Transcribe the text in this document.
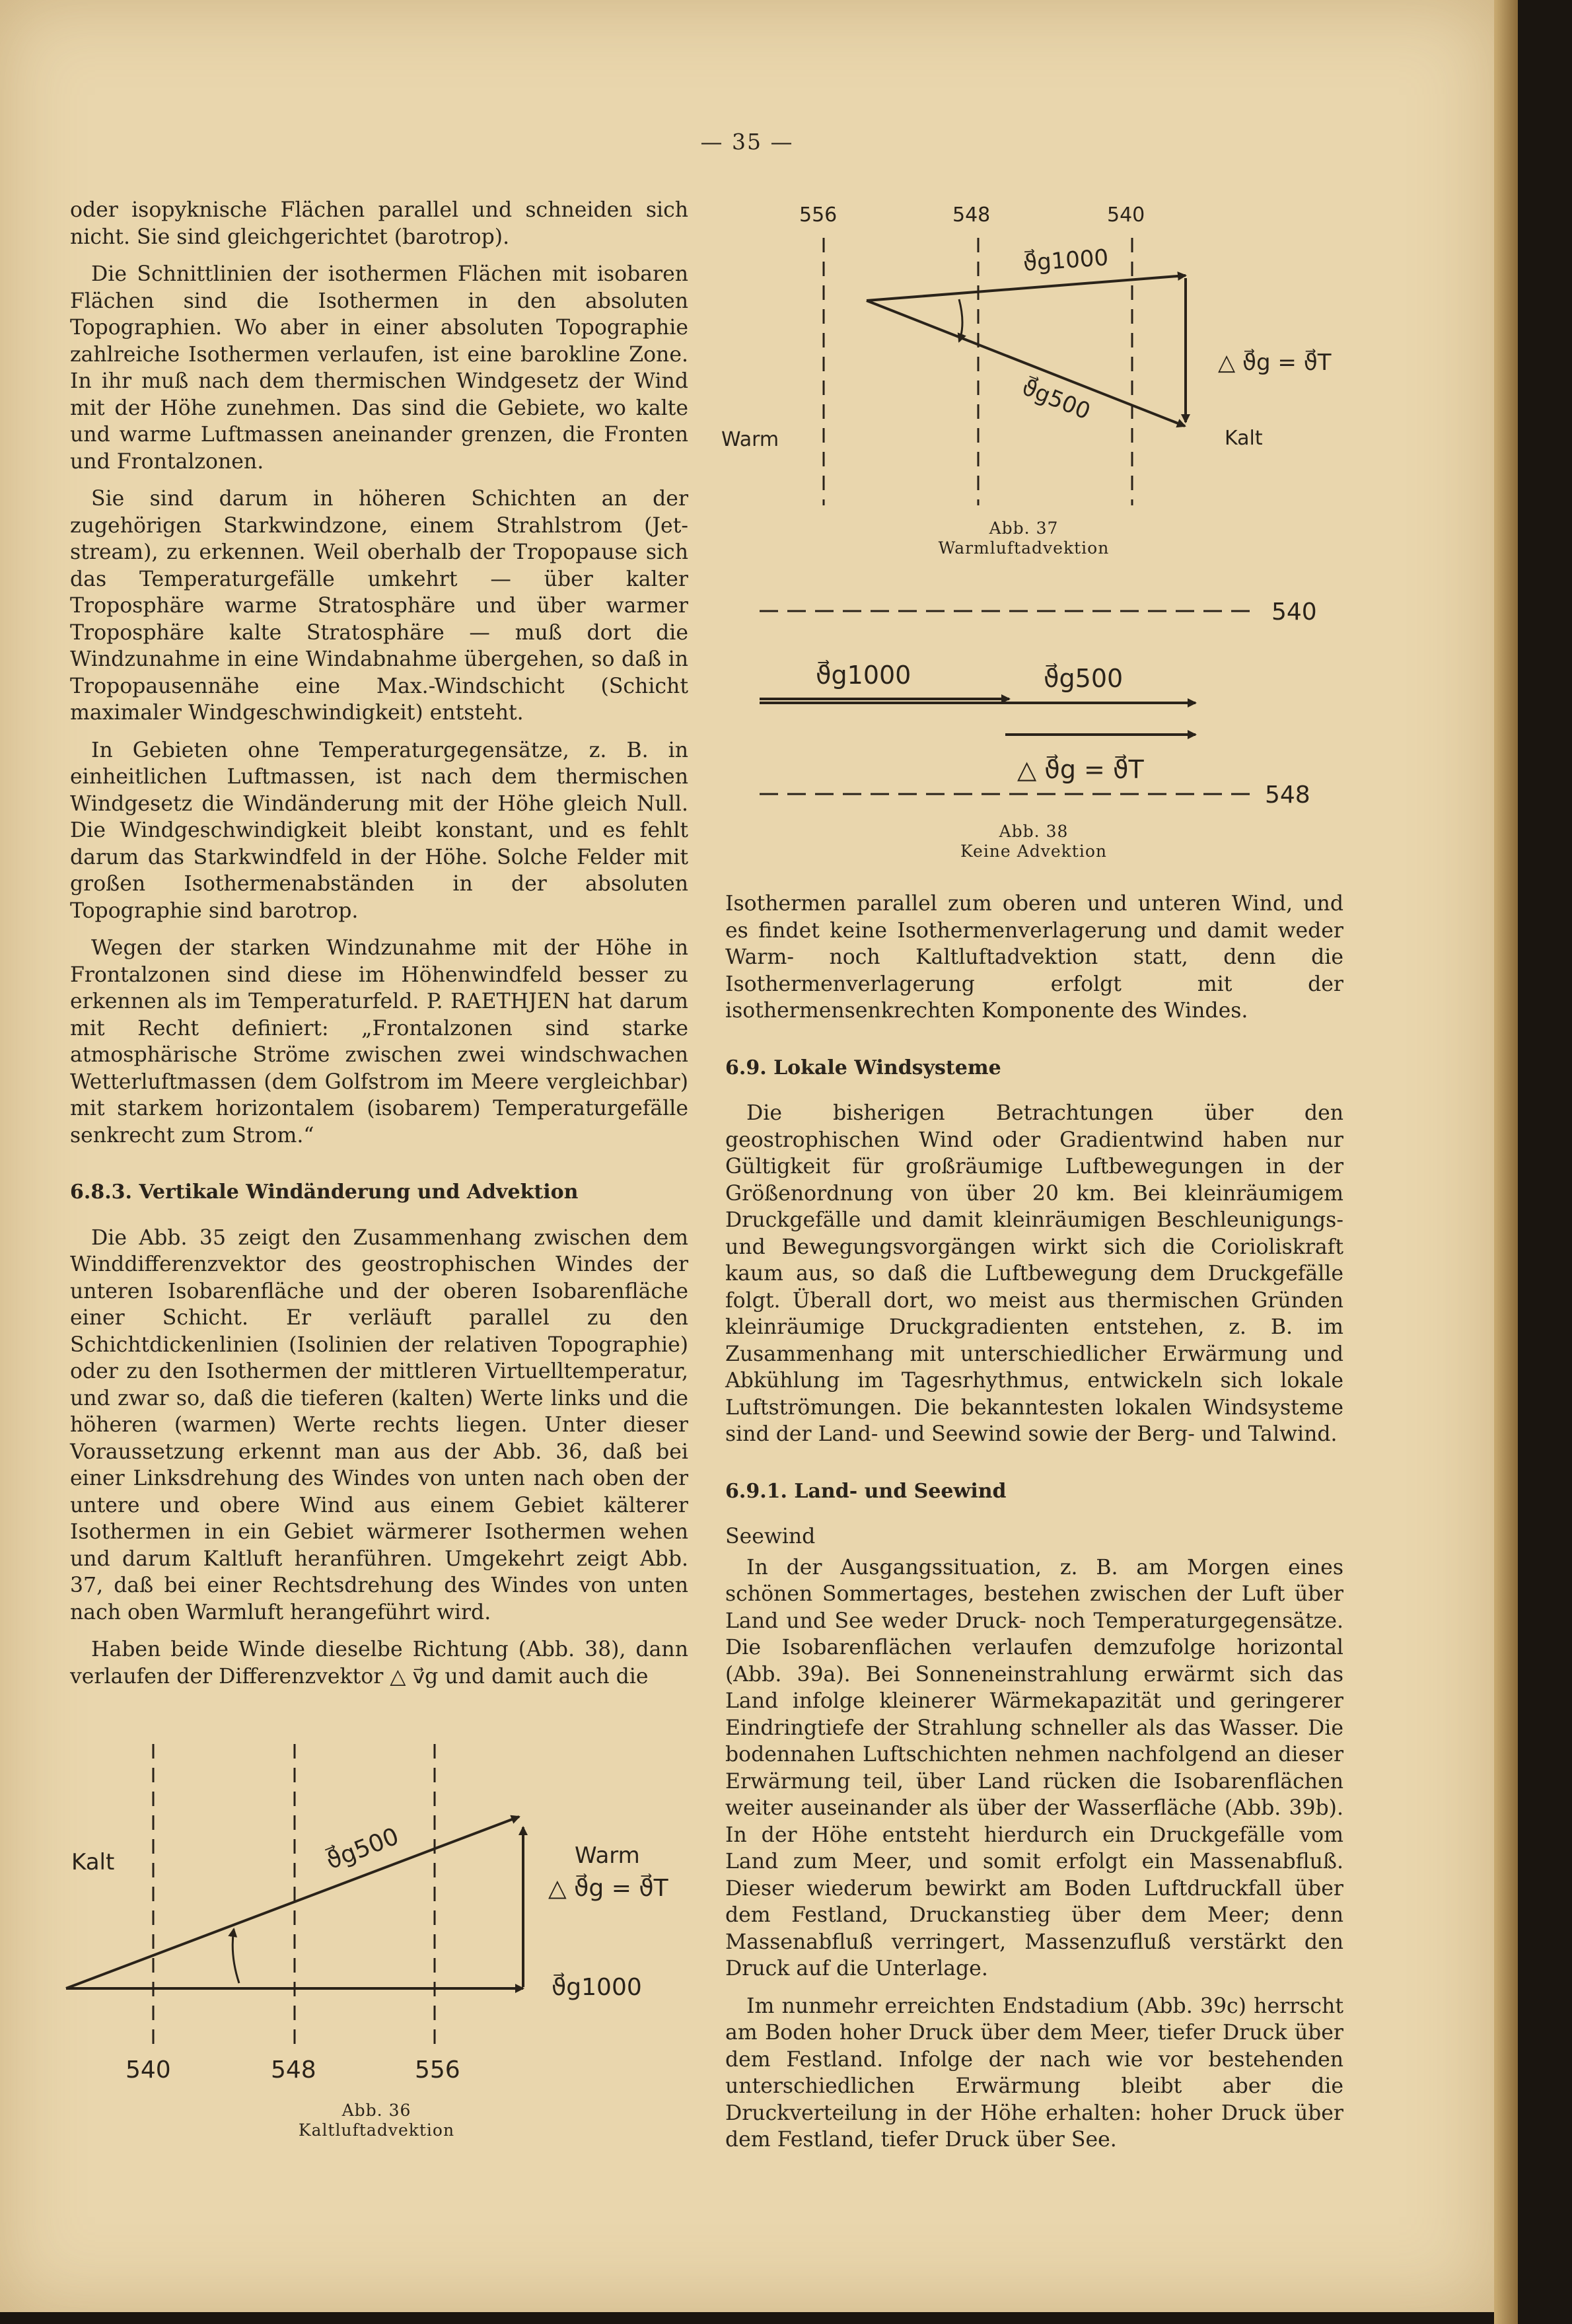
— 35 —

oder isopyknische Flächen parallel und schneiden sich nicht. Sie sind gleichgerichtet (barotrop).

Die Schnittlinien der isothermen Flächen mit isobaren Flächen sind die Isothermen in den absoluten Topographien. Wo aber in einer absoluten Topographie zahlreiche Isothermen verlaufen, ist eine barokline Zone. In ihr muß nach dem thermischen Windgesetz der Wind mit der Höhe zunehmen. Das sind die Gebiete, wo kalte und warme Luftmassen aneinander grenzen, die Fronten und Frontalzonen.

Sie sind darum in höheren Schichten an der zugehörigen Starkwindzone, einem Strahlstrom (Jet-stream), zu erkennen. Weil oberhalb der Tropopause sich das Temperaturgefälle umkehrt — über kalter Troposphäre warme Stratosphäre und über warmer Troposphäre kalte Stratosphäre — muß dort die Windzunahme in eine Windabnahme übergehen, so daß in Tropopausennähe eine Max.-Windschicht (Schicht maximaler Windgeschwindigkeit) entsteht.

In Gebieten ohne Temperaturgegensätze, z. B. in einheitlichen Luftmassen, ist nach dem thermischen Windgesetz die Windänderung mit der Höhe gleich Null. Die Windgeschwindigkeit bleibt konstant, und es fehlt darum das Starkwindfeld in der Höhe. Solche Felder mit großen Isothermenabständen in der absoluten Topographie sind barotrop.

Wegen der starken Windzunahme mit der Höhe in Frontalzonen sind diese im Höhenwindfeld besser zu erkennen als im Temperaturfeld. P. RAETHJEN hat darum mit Recht definiert: „Frontalzonen sind starke atmosphärische Ströme zwischen zwei windschwachen Wetterluftmassen (dem Golfstrom im Meere vergleichbar) mit starkem horizontalem (isobarem) Temperaturgefälle senkrecht zum Strom.“

6.8.3. Vertikale Windänderung und Advektion

Die Abb. 35 zeigt den Zusammenhang zwischen dem Winddifferenzvektor des geostrophischen Windes der unteren Isobarenfläche und der oberen Isobarenfläche einer Schicht. Er verläuft parallel zu den Schichtdickenlinien (Isolinien der relativen Topographie) oder zu den Isothermen der mittleren Virtuelltemperatur, und zwar so, daß die tieferen (kalten) Werte links und die höheren (warmen) Werte rechts liegen. Unter dieser Voraussetzung erkennt man aus der Abb. 36, daß bei einer Linksdrehung des Windes von unten nach oben der untere und obere Wind aus einem Gebiet kälterer Isothermen in ein Gebiet wärmerer Isothermen wehen und darum Kaltluft heranführen. Umgekehrt zeigt Abb. 37, daß bei einer Rechtsdrehung des Windes von unten nach oben Warmluft herangeführt wird.

Haben beide Winde dieselbe Richtung (Abb. 38), dann verlaufen der Differenzvektor △ v⃗g und damit auch die

Kalt	Warm
△ ϑ⃗g = ϑ⃗T
ϑ⃗g1000
ϑ⃗g500
540	548	556
Abb. 36
Kaltluftadvektion
556	548	540
ϑ⃗g1000
ϑ⃗g500
△ ϑ⃗g = ϑ⃗T
Warm	Kalt
Abb. 37
Warmluftadvektion
540
ϑ⃗g1000	ϑ⃗g500
△ ϑ⃗g = ϑ⃗T
548
Abb. 38
Keine Advektion

Isothermen parallel zum oberen und unteren Wind, und es findet keine Isothermenverlagerung und damit weder Warm- noch Kaltluftadvektion statt, denn die Isothermenverlagerung erfolgt mit der isothermensenkrechten Komponente des Windes.

6.9. Lokale Windsysteme

Die bisherigen Betrachtungen über den geostrophischen Wind oder Gradientwind haben nur Gültigkeit für großräumige Luftbewegungen in der Größenordnung von über 20 km. Bei kleinräumigem Druckgefälle und damit kleinräumigen Beschleunigungs- und Bewegungsvorgängen wirkt sich die Corioliskraft kaum aus, so daß die Luftbewegung dem Druckgefälle folgt. Überall dort, wo meist aus thermischen Gründen kleinräumige Druckgradienten entstehen, z. B. im Zusammenhang mit unterschiedlicher Erwärmung und Abkühlung im Tagesrhythmus, entwickeln sich lokale Luftströmungen. Die bekanntesten lokalen Windsysteme sind der Land- und Seewind sowie der Berg- und Talwind.

6.9.1. Land- und Seewind
Seewind

In der Ausgangssituation, z. B. am Morgen eines schönen Sommertages, bestehen zwischen der Luft über Land und See weder Druck- noch Temperaturgegensätze. Die Isobarenflächen verlaufen demzufolge horizontal (Abb. 39a). Bei Sonneneinstrahlung erwärmt sich das Land infolge kleinerer Wärmekapazität und geringerer Eindringtiefe der Strahlung schneller als das Wasser. Die bodennahen Luftschichten nehmen nachfolgend an dieser Erwärmung teil, über Land rücken die Isobarenflächen weiter auseinander als über der Wasserfläche (Abb. 39b). In der Höhe entsteht hierdurch ein Druckgefälle vom Land zum Meer, und somit erfolgt ein Massenabfluß. Dieser wiederum bewirkt am Boden Luftdruckfall über dem Festland, Druckanstieg über dem Meer; denn Massenabfluß verringert, Massenzufluß verstärkt den Druck auf die Unterlage.

Im nunmehr erreichten Endstadium (Abb. 39c) herrscht am Boden hoher Druck über dem Meer, tiefer Druck über dem Festland. Infolge der nach wie vor bestehenden unterschiedlichen Erwärmung bleibt aber die Druckverteilung in der Höhe erhalten: hoher Druck über dem Festland, tiefer Druck über See.
